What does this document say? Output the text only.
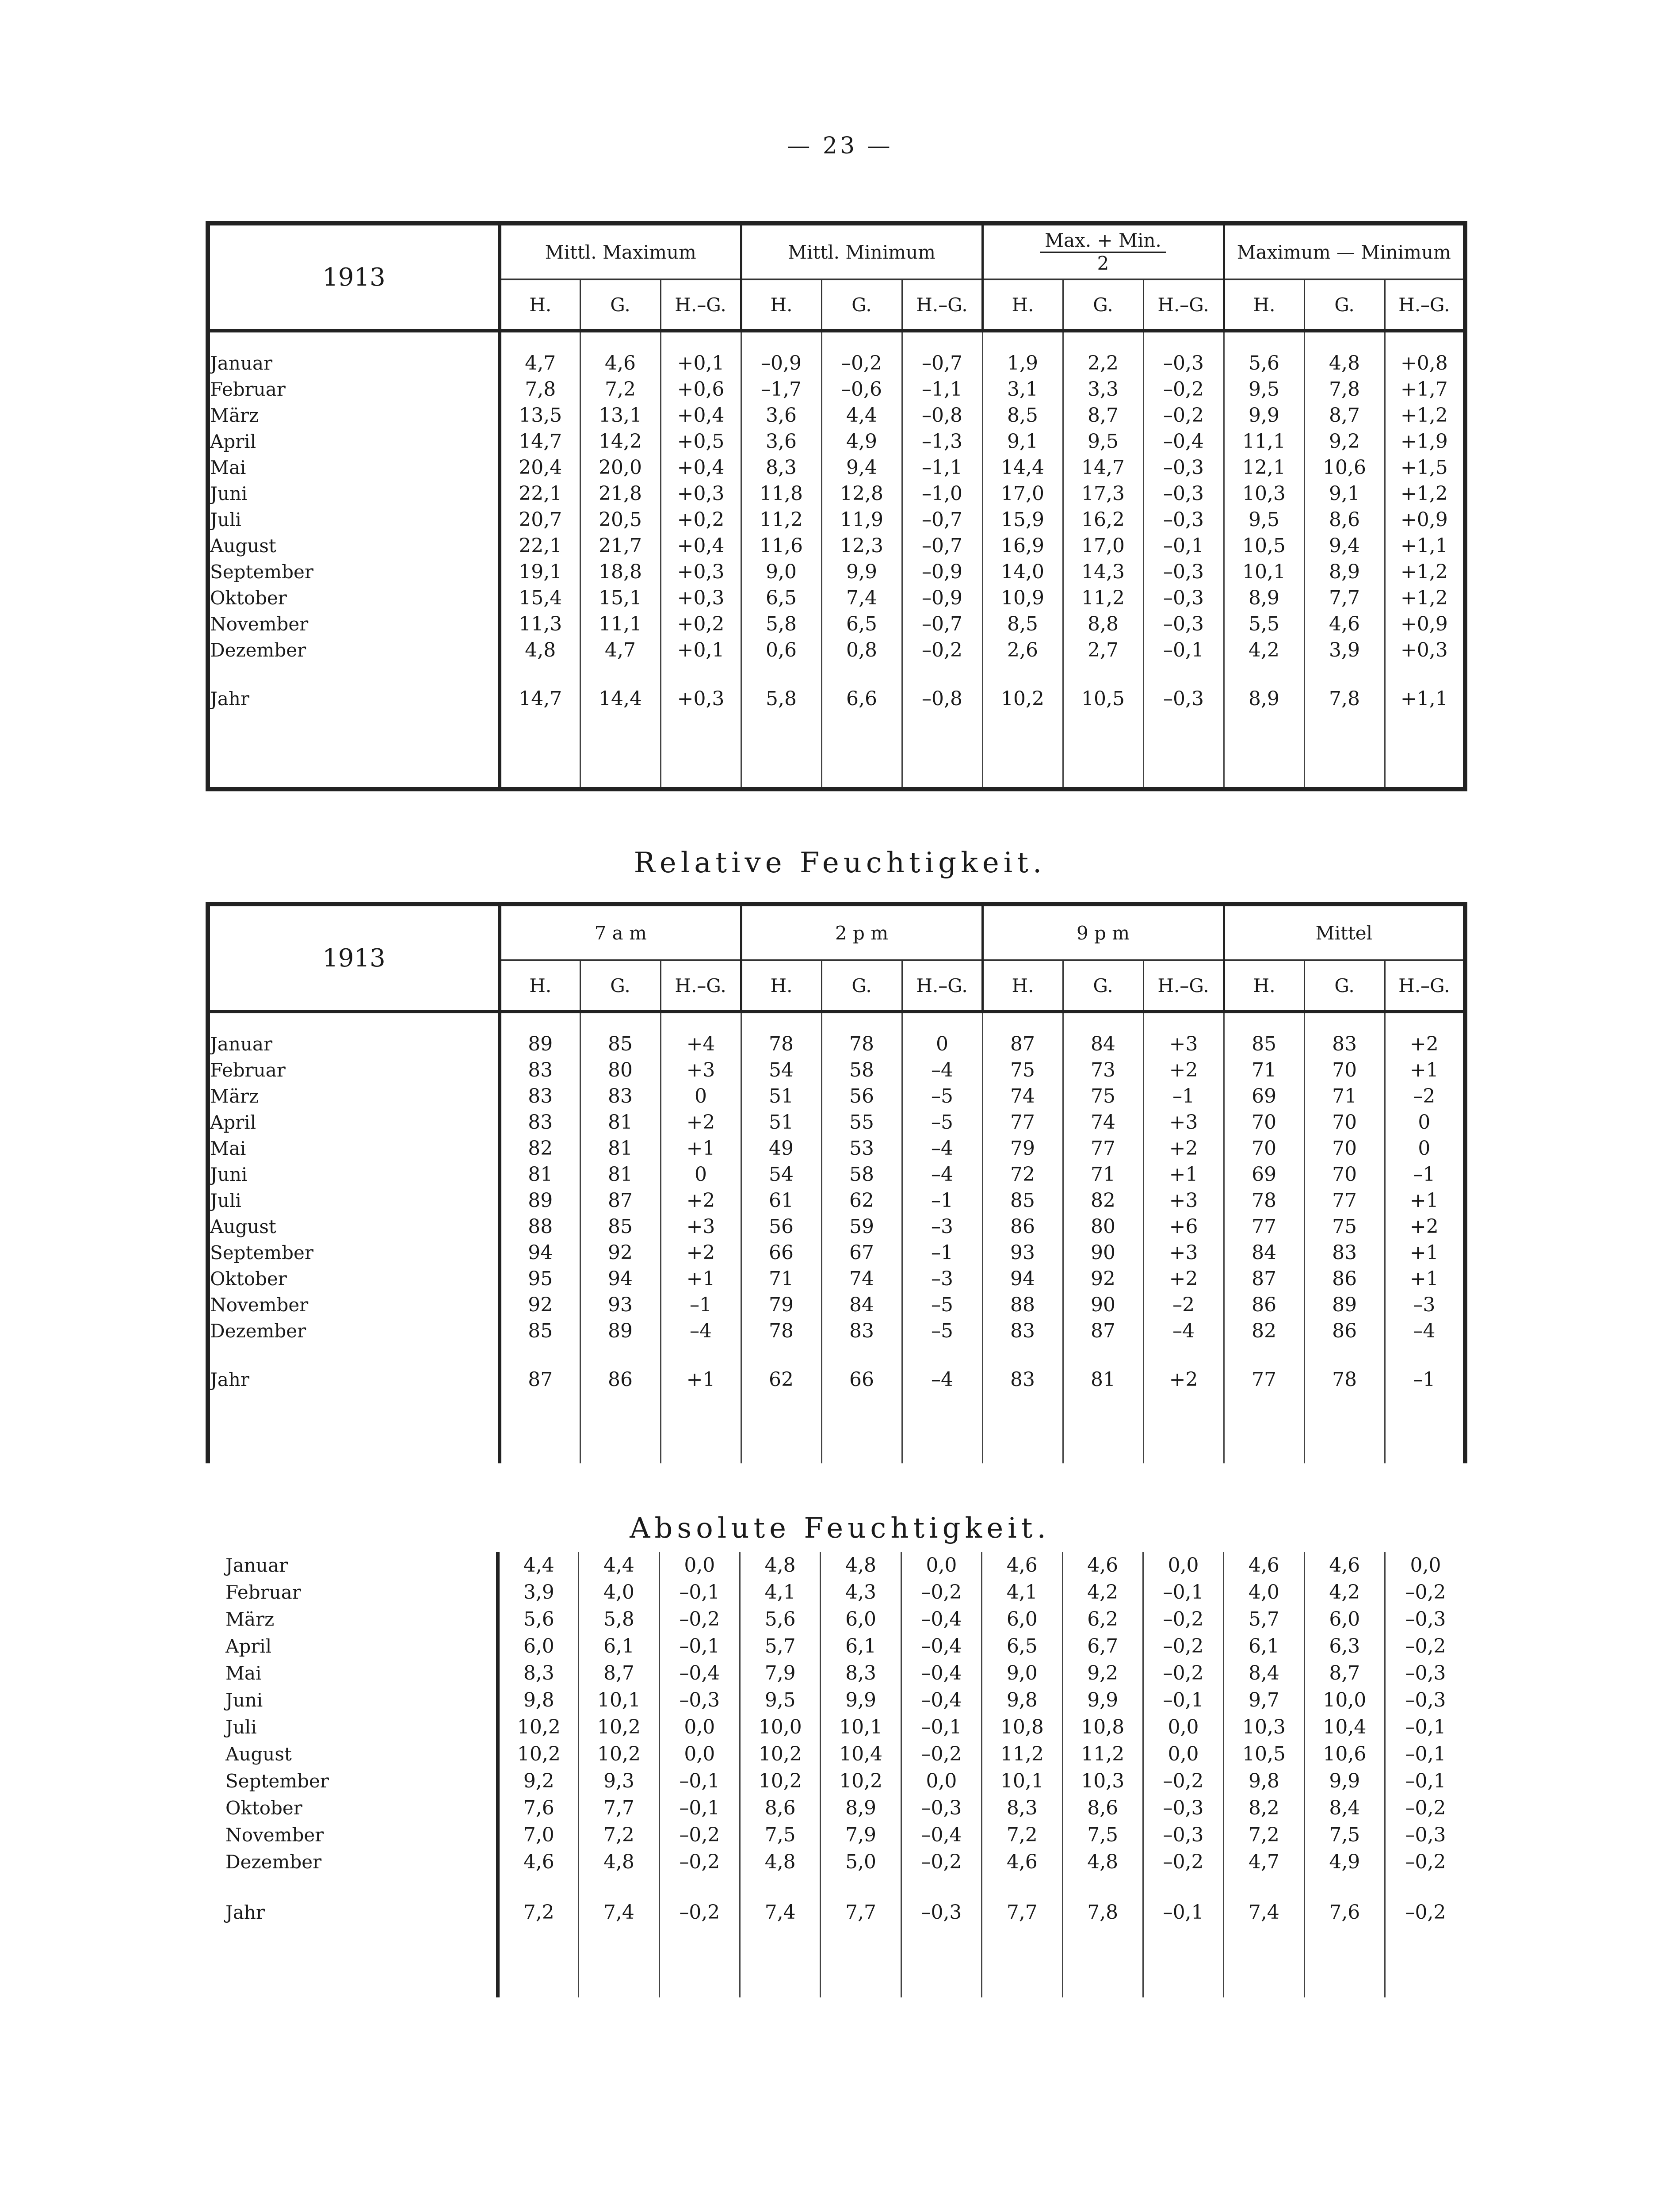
— 23 —
1913	Mittl. Maximum			Mittl. Minimum			$\frac{\text{Max. + Min.}}{2}$			Maximum — Minimum		
	H.	G.	H.–G.	H.	G.	H.–G.	H.	G.	H.–G.	H.	G.	H.–G.

Januar	4,7	4,6	+0,1	–0,9	–0,2	–0,7	1,9	2,2	–0,3	5,6	4,8	+0,8
Februar	7,8	7,2	+0,6	–1,7	–0,6	–1,1	3,1	3,3	–0,2	9,5	7,8	+1,7
März	13,5	13,1	+0,4	3,6	4,4	–0,8	8,5	8,7	–0,2	9,9	8,7	+1,2
April	14,7	14,2	+0,5	3,6	4,9	–1,3	9,1	9,5	–0,4	11,1	9,2	+1,9
Mai	20,4	20,0	+0,4	8,3	9,4	–1,1	14,4	14,7	–0,3	12,1	10,6	+1,5
Juni	22,1	21,8	+0,3	11,8	12,8	–1,0	17,0	17,3	–0,3	10,3	9,1	+1,2
Juli	20,7	20,5	+0,2	11,2	11,9	–0,7	15,9	16,2	–0,3	9,5	8,6	+0,9
August	22,1	21,7	+0,4	11,6	12,3	–0,7	16,9	17,0	–0,1	10,5	9,4	+1,1
September	19,1	18,8	+0,3	9,0	9,9	–0,9	14,0	14,3	–0,3	10,1	8,9	+1,2
Oktober	15,4	15,1	+0,3	6,5	7,4	–0,9	10,9	11,2	–0,3	8,9	7,7	+1,2
November	11,3	11,1	+0,2	5,8	6,5	–0,7	8,5	8,8	–0,3	5,5	4,6	+0,9
Dezember	4,8	4,7	+0,1	0,6	0,8	–0,2	2,6	2,7	–0,1	4,2	3,9	+0,3

Jahr	14,7	14,4	+0,3	5,8	6,6	–0,8	10,2	10,5	–0,3	8,9	7,8	+1,1

Relative Feuchtigkeit.
1913	7 a m			2 p m			9 p m			Mittel		
	H.	G.	H.–G.	H.	G.	H.–G.	H.	G.	H.–G.	H.	G.	H.–G.

Januar	89	85	+4	78	78	0	87	84	+3	85	83	+2
Februar	83	80	+3	54	58	–4	75	73	+2	71	70	+1
März	83	83	0	51	56	–5	74	75	–1	69	71	–2
April	83	81	+2	51	55	–5	77	74	+3	70	70	0
Mai	82	81	+1	49	53	–4	79	77	+2	70	70	0
Juni	81	81	0	54	58	–4	72	71	+1	69	70	–1
Juli	89	87	+2	61	62	–1	85	82	+3	78	77	+1
August	88	85	+3	56	59	–3	86	80	+6	77	75	+2
September	94	92	+2	66	67	–1	93	90	+3	84	83	+1
Oktober	95	94	+1	71	74	–3	94	92	+2	87	86	+1
November	92	93	–1	79	84	–5	88	90	–2	86	89	–3
Dezember	85	89	–4	78	83	–5	83	87	–4	82	86	–4

Jahr	87	86	+1	62	66	–4	83	81	+2	77	78	–1

Absolute Feuchtigkeit.
Januar	4,4	4,4	0,0	4,8	4,8	0,0	4,6	4,6	0,0	4,6	4,6	0,0
Februar	3,9	4,0	–0,1	4,1	4,3	–0,2	4,1	4,2	–0,1	4,0	4,2	–0,2
März	5,6	5,8	–0,2	5,6	6,0	–0,4	6,0	6,2	–0,2	5,7	6,0	–0,3
April	6,0	6,1	–0,1	5,7	6,1	–0,4	6,5	6,7	–0,2	6,1	6,3	–0,2
Mai	8,3	8,7	–0,4	7,9	8,3	–0,4	9,0	9,2	–0,2	8,4	8,7	–0,3
Juni	9,8	10,1	–0,3	9,5	9,9	–0,4	9,8	9,9	–0,1	9,7	10,0	–0,3
Juli	10,2	10,2	0,0	10,0	10,1	–0,1	10,8	10,8	0,0	10,3	10,4	–0,1
August	10,2	10,2	0,0	10,2	10,4	–0,2	11,2	11,2	0,0	10,5	10,6	–0,1
September	9,2	9,3	–0,1	10,2	10,2	0,0	10,1	10,3	–0,2	9,8	9,9	–0,1
Oktober	7,6	7,7	–0,1	8,6	8,9	–0,3	8,3	8,6	–0,3	8,2	8,4	–0,2
November	7,0	7,2	–0,2	7,5	7,9	–0,4	7,2	7,5	–0,3	7,2	7,5	–0,3
Dezember	4,6	4,8	–0,2	4,8	5,0	–0,2	4,6	4,8	–0,2	4,7	4,9	–0,2

Jahr	7,2	7,4	–0,2	7,4	7,7	–0,3	7,7	7,8	–0,1	7,4	7,6	–0,2
